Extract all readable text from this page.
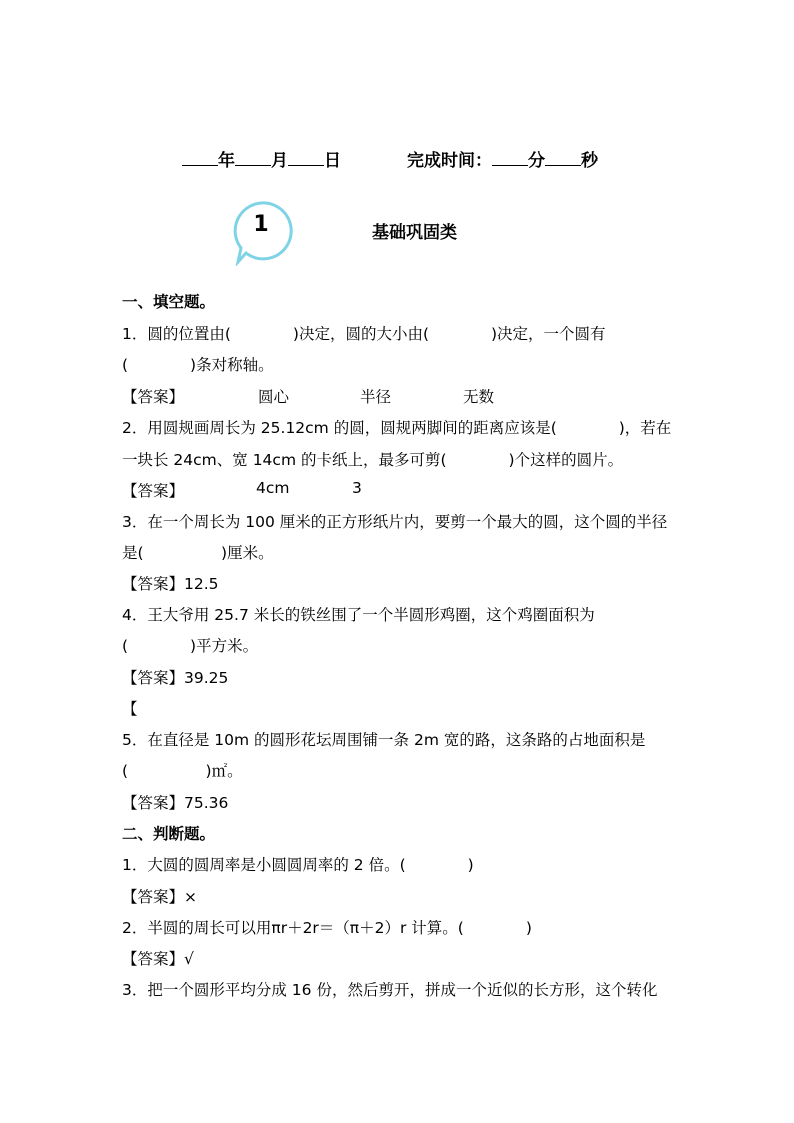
年 月 日	完成时间： 分 秒
1	基础巩固类
一、填空题。
1．圆的位置由(　　　　)决定，圆的大小由(　　　　)决定，一个圆有
(　　　　)条对称轴。
【答案】	圆心	半径	无数
2．用圆规画周长为 25.12cm 的圆，圆规两脚间的距离应该是(　　　　)，若在
一块长 24cm、宽 14cm 的卡纸上，最多可剪(　　　　)个这样的圆片。
【答案】	4cm	3
3．在一个周长为 100 厘米的正方形纸片内，要剪一个最大的圆，这个圆的半径
是(　　　　　)厘米。
【答案】12.5
4．王大爷用 25.7 米长的铁丝围了一个半圆形鸡圈，这个鸡圈面积为
(　　　　)平方米。
【答案】39.25
【
5．在直径是 10m 的圆形花坛周围铺一条 2m 宽的路，这条路的占地面积是
(　　　　　)㎡。
【答案】75.36
二、判断题。
1．大圆的圆周率是小圆圆周率的 2 倍。(　　　　)
【答案】×
2．半圆的周长可以用πr＋2r＝（π＋2）r 计算。(　　　　)
【答案】√
3．把一个圆形平均分成 16 份，然后剪开，拼成一个近似的长方形，这个转化
